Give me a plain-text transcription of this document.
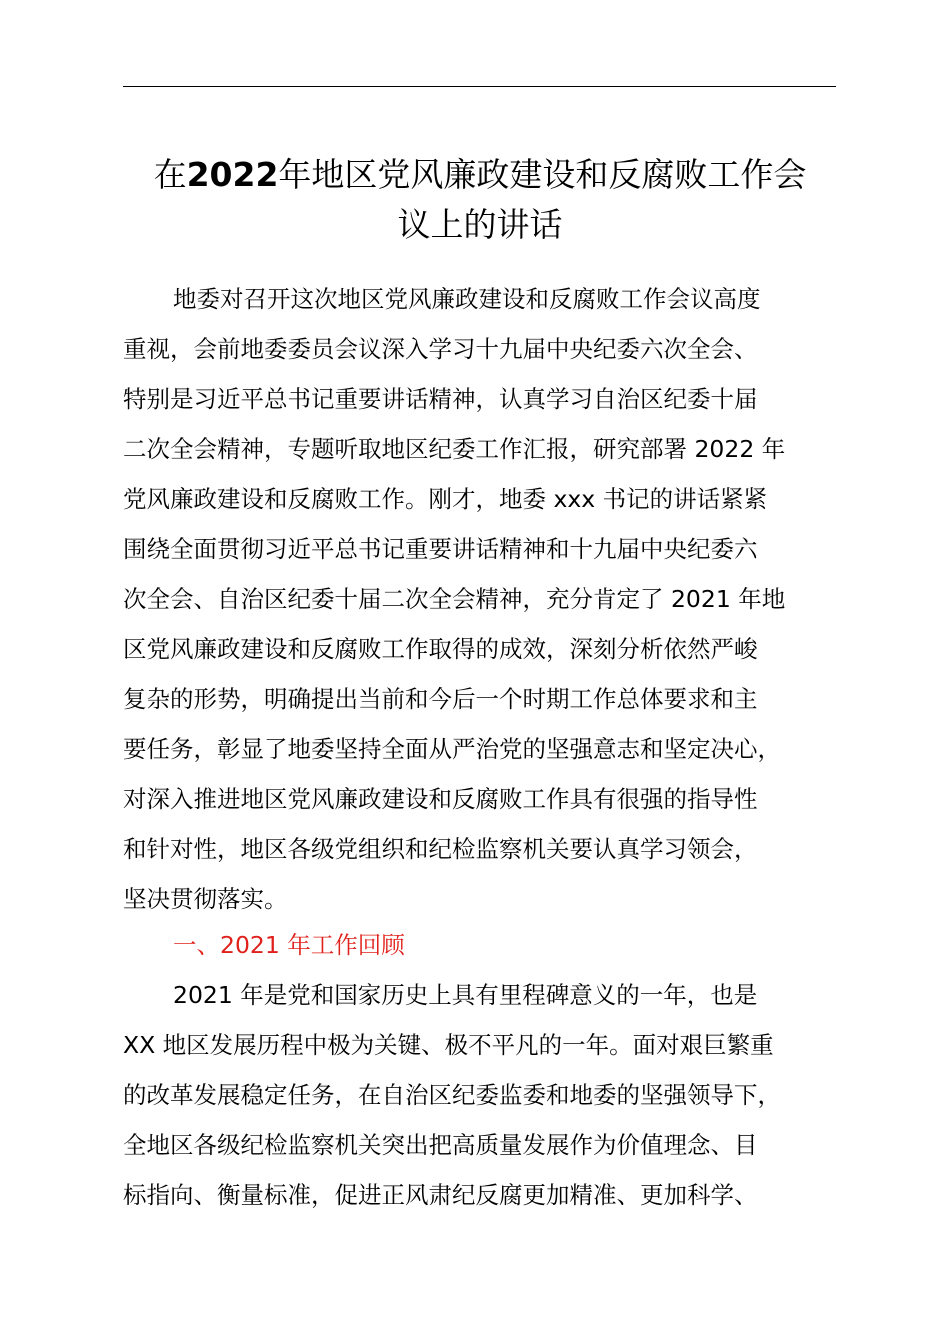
在2022年地区党风廉政建设和反腐败工作会
议上的讲话
地委对召开这次地区党风廉政建设和反腐败工作会议高度
重视，会前地委委员会议深入学习十九届中央纪委六次全会、
特别是习近平总书记重要讲话精神，认真学习自治区纪委十届
二次全会精神，专题听取地区纪委工作汇报，研究部署 2022 年
党风廉政建设和反腐败工作。刚才，地委 xxx 书记的讲话紧紧
围绕全面贯彻习近平总书记重要讲话精神和十九届中央纪委六
次全会、自治区纪委十届二次全会精神，充分肯定了 2021 年地
区党风廉政建设和反腐败工作取得的成效，深刻分析依然严峻
复杂的形势，明确提出当前和今后一个时期工作总体要求和主
要任务，彰显了地委坚持全面从严治党的坚强意志和坚定决心，
对深入推进地区党风廉政建设和反腐败工作具有很强的指导性
和针对性，地区各级党组织和纪检监察机关要认真学习领会，
坚决贯彻落实。
一、2021 年工作回顾
2021 年是党和国家历史上具有里程碑意义的一年，也是
XX 地区发展历程中极为关键、极不平凡的一年。面对艰巨繁重
的改革发展稳定任务，在自治区纪委监委和地委的坚强领导下，
全地区各级纪检监察机关突出把高质量发展作为价值理念、目
标指向、衡量标准，促进正风肃纪反腐更加精准、更加科学、
